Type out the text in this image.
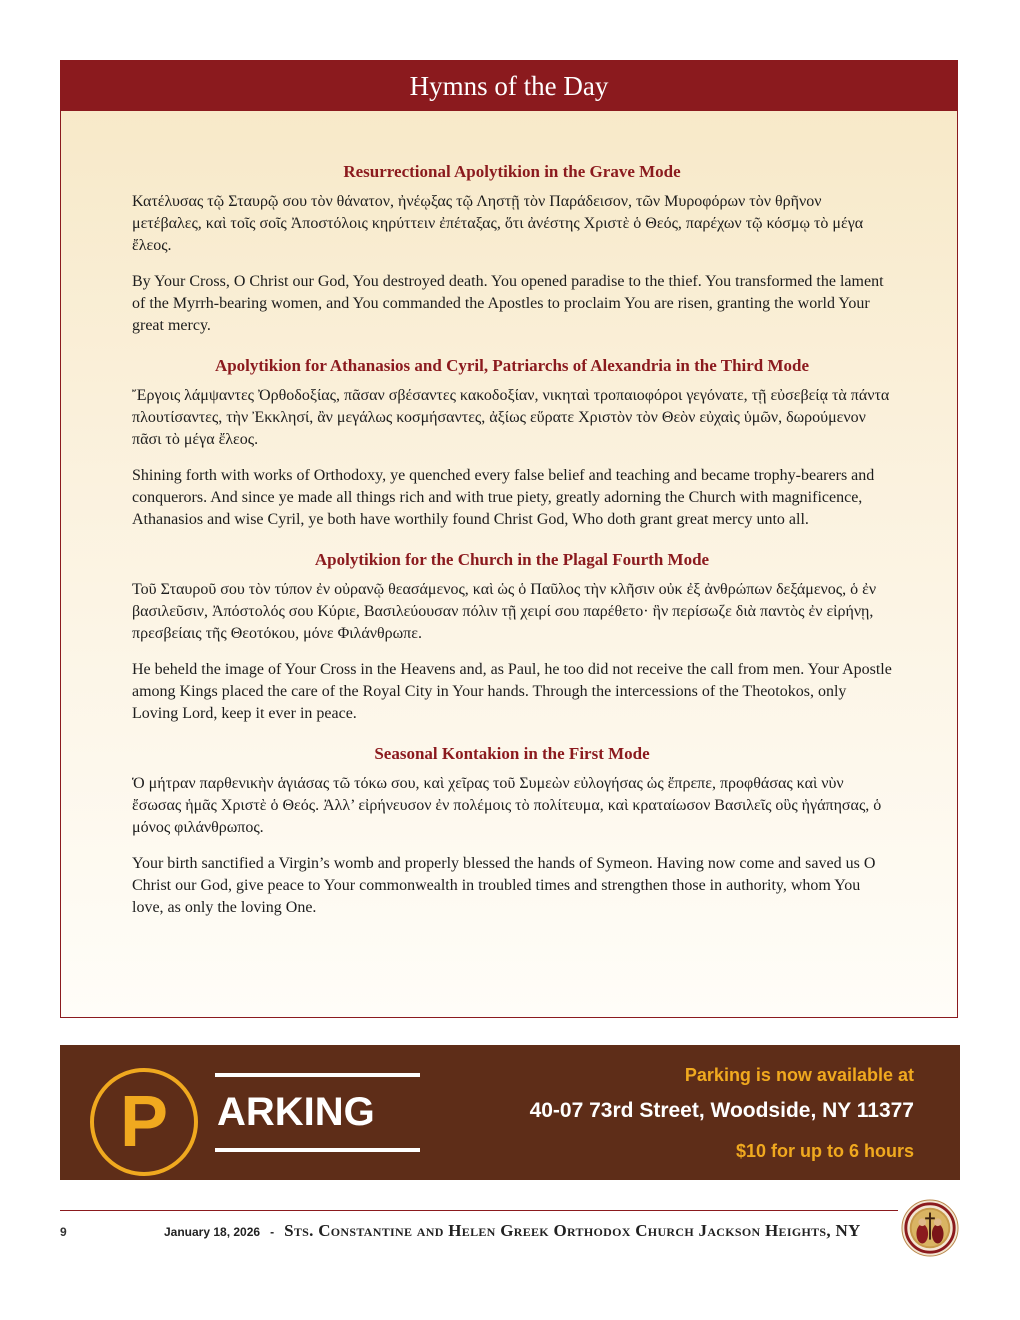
Hymns of the Day
Resurrectional Apolytikion in the Grave Mode

Κατέλυσας τῷ Σταυρῷ σου τὸν θάνατον, ἠνέῳξας τῷ Ληστῇ τὸν Παράδεισον, τῶν Μυροφόρων τὸν θρῆνον μετέβαλες, καὶ τοῖς σοῖς Ἀποστόλοις κηρύττειν ἐπέταξας, ὅτι ἀνέστης Χριστὲ ὁ Θεός, παρέχων τῷ κόσμῳ τὸ μέγα ἔλεος.

By Your Cross, O Christ our God, You destroyed death. You opened paradise to the thief. You transformed the lament of the Myrrh-bearing women, and You commanded the Apostles to proclaim You are risen, granting the world Your great mercy.

Apolytikion for Athanasios and Cyril, Patriarchs of Alexandria in the Third Mode

Ἔργοις λάμψαντες Ὀρθοδοξίας, πᾶσαν σβέσαντες κακοδοξίαν, νικηταὶ τροπαιοφόροι γεγόνατε, τῇ εὐσεβείᾳ τὰ πάντα πλουτίσαντες, τὴν Ἐκκλησί, ἂν μεγάλως κοσμήσαντες, ἀξίως εὕρατε Χριστὸν τὸν Θεὸν εὐχαὶς ὑμῶν, δωρούμενον πᾶσι τὸ μέγα ἔλεος.

Shining forth with works of Orthodoxy, ye quenched every false belief and teaching and became trophy-bearers and conquerors. And since ye made all things rich and with true piety, greatly adorning the Church with magnificence, Athanasios and wise Cyril, ye both have worthily found Christ God, Who doth grant great mercy unto all.

Apolytikion for the Church in the Plagal Fourth Mode

Τοῦ Σταυροῦ σου τὸν τύπον ἐν οὐρανῷ θεασάμενος, καὶ ὡς ὁ Παῦλος τὴν κλῆσιν οὐκ ἐξ ἀνθρώπων δεξάμενος, ὁ ἐν βασιλεῦσιν, Ἀπόστολός σου Κύριε, Βασιλεύουσαν πόλιν τῇ χειρί σου παρέθετο· ἣν περίσωζε διὰ παντὸς ἐν εἰρήνῃ, πρεσβείαις τῆς Θεοτόκου, μόνε Φιλάνθρωπε.

He beheld the image of Your Cross in the Heavens and, as Paul, he too did not receive the call from men. Your Apostle among Kings placed the care of the Royal City in Your hands. Through the intercessions of the Theotokos, only Loving Lord, keep it ever in peace.

Seasonal Kontakion in the First Mode

Ὁ μήτραν παρθενικὴν ἁγιάσας τῶ τόκω σου, καὶ χεῖρας τοῦ Συμεὼν εὐλογήσας ὡς ἔπρεπε, προφθάσας καὶ νὺν ἔσωσας ἡμᾶς Χριστὲ ὁ Θεός. Ἀλλ’ εἰρήνευσον ἐν πολέμοις τὸ πολίτευμα, καὶ κραταίωσον Βασιλεῖς οὓς ἠγάπησας, ὁ μόνος φιλάνθρωπος.

Your birth sanctified a Virgin’s womb and properly blessed the hands of Symeon. Having now come and saved us O Christ our God, give peace to Your commonwealth in troubled times and strengthen those in authority, whom You love, as only the loving One.

P	ARKING
Parking is now available at
40-07 73rd Street, Woodside, NY 11377
$10 for up to 6 hours
9	January 18, 2026 - Sts. Constantine and Helen Greek Orthodox Church Jackson Heights, NY
